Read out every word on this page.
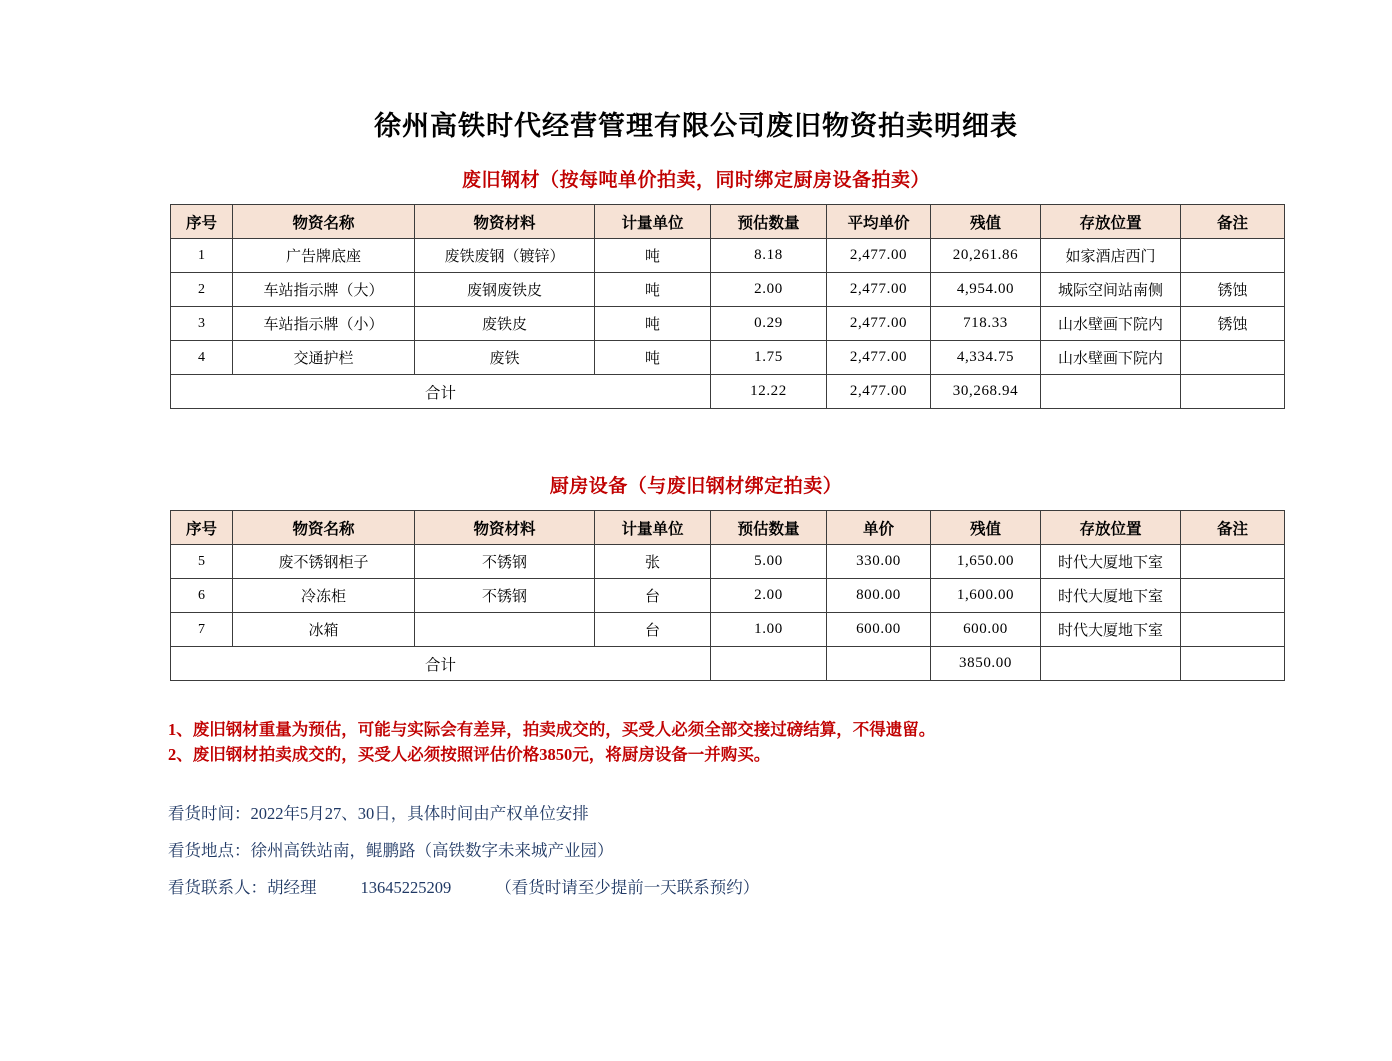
徐州高铁时代经营管理有限公司废旧物资拍卖明细表
废旧钢材（按每吨单价拍卖，同时绑定厨房设备拍卖）
序号	物资名称	物资材料	计量单位	预估数量	平均单价	残值	存放位置	备注
1	广告牌底座	废铁废钢（镀锌）	吨	8.18	2,477.00	20,261.86	如家酒店西门	
2	车站指示牌（大）	废钢废铁皮	吨	2.00	2,477.00	4,954.00	城际空间站南侧	锈蚀
3	车站指示牌（小）	废铁皮	吨	0.29	2,477.00	718.33	山水壁画下院内	锈蚀
4	交通护栏	废铁	吨	1.75	2,477.00	4,334.75	山水壁画下院内	
合计				12.22	2,477.00	30,268.94		
厨房设备（与废旧钢材绑定拍卖）
序号	物资名称	物资材料	计量单位	预估数量	单价	残值	存放位置	备注
5	废不锈钢柜子	不锈钢	张	5.00	330.00	1,650.00	时代大厦地下室	
6	冷冻柜	不锈钢	台	2.00	800.00	1,600.00	时代大厦地下室	
7	冰箱		台	1.00	600.00	600.00	时代大厦地下室	
合计						3850.00		
1、废旧钢材重量为预估，可能与实际会有差异，拍卖成交的，买受人必须全部交接过磅结算，不得遗留。
2、废旧钢材拍卖成交的，买受人必须按照评估价格3850元，将厨房设备一并购买。
看货时间：2022年5月27、30日，具体时间由产权单位安排
看货地点：徐州高铁站南，鲲鹏路（高铁数字未来城产业园）
看货联系人：胡经理	13645225209	（看货时请至少提前一天联系预约）
